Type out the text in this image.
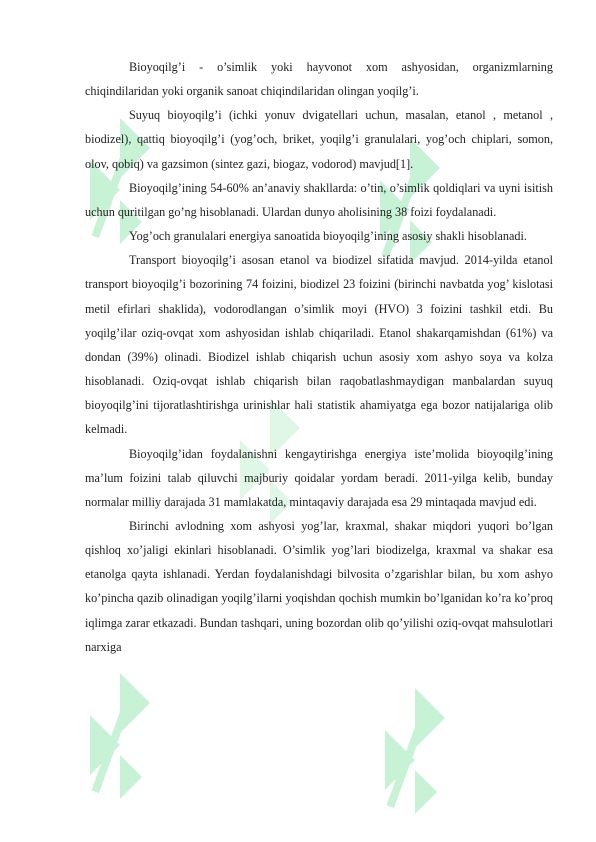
Bioyoqilg’i - o’simlik yoki hayvonot xom ashyosidan, organizmlarning chiqindilaridan yoki organik sanoat chiqindilaridan olingan yoqilg’i.

Suyuq bioyoqilg’i (ichki yonuv dvigatellari uchun, masalan, etanol , metanol , biodizel), qattiq bioyoqilg’i (yog’och, briket, yoqilg’i granulalari, yog’och chiplari, somon, olov, qobiq) va gazsimon (sintez gazi, biogaz, vodorod) mavjud[1].

Bioyoqilg’ining 54-60% an’anaviy shakllarda: o’tin, o’simlik qoldiqlari va uyni isitish uchun quritilgan go’ng hisoblanadi. Ulardan dunyo aholisining 38 foizi foydalanadi.

Yog’och granulalari energiya sanoatida bioyoqilg’ining asosiy shakli hisoblanadi.

Transport bioyoqilg’i asosan etanol va biodizel sifatida mavjud. 2014-yilda etanol transport bioyoqilg’i bozorining 74 foizini, biodizel 23 foizini (birinchi navbatda yog’ kislotasi metil efirlari shaklida), vodorodlangan o’simlik moyi (HVO) 3 foizini tashkil etdi. Bu yoqilg’ilar oziq-ovqat xom ashyosidan ishlab chiqariladi. Etanol shakarqamishdan (61%) va dondan (39%) olinadi. Biodizel ishlab chiqarish uchun asosiy xom ashyo soya va kolza hisoblanadi. Oziq-ovqat ishlab chiqarish bilan raqobatlashmaydigan manbalardan suyuq bioyoqilg’ini tijoratlashtirishga urinishlar hali statistik ahamiyatga ega bozor natijalariga olib kelmadi.

Bioyoqilg’idan foydalanishni kengaytirishga energiya iste’molida bioyoqilg’ining ma’lum foizini talab qiluvchi majburiy qoidalar yordam beradi. 2011-yilga kelib, bunday normalar milliy darajada 31 mamlakatda, mintaqaviy darajada esa 29 mintaqada mavjud edi.

Birinchi avlodning xom ashyosi yog’lar, kraxmal, shakar miqdori yuqori bo’lgan qishloq xo’jaligi ekinlari hisoblanadi. O’simlik yog’lari biodizelga, kraxmal va shakar esa etanolga qayta ishlanadi. Yerdan foydalanishdagi bilvosita o’zgarishlar bilan, bu xom ashyo ko’pincha qazib olinadigan yoqilg’ilarni yoqishdan qochish mumkin bo’lganidan ko’ra ko’proq iqlimga zarar etkazadi. Bundan tashqari, uning bozordan olib qo’yilishi oziq-ovqat mahsulotlari narxiga
